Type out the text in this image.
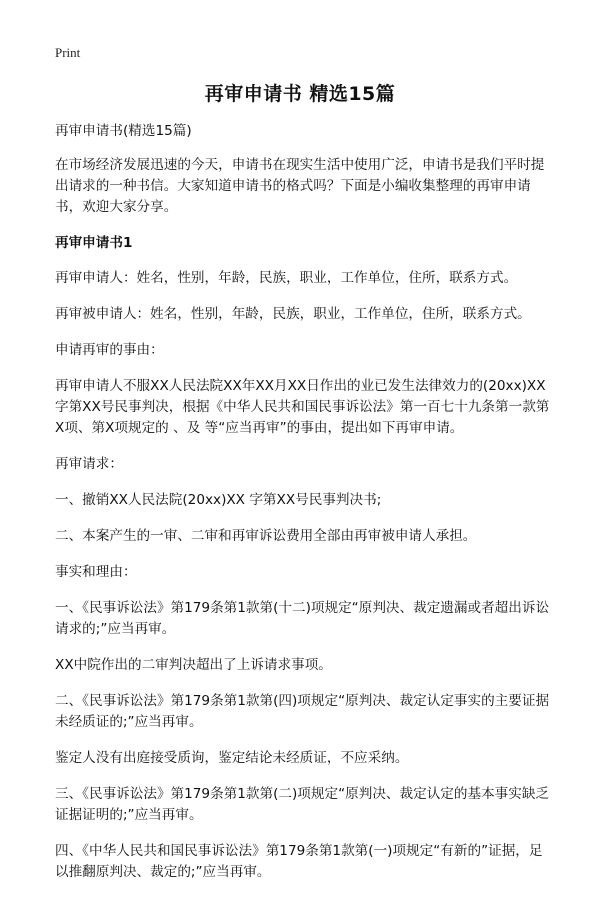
Print
再审申请书 精选15篇

再审申请书(精选15篇)

在市场经济发展迅速的今天，申请书在现实生活中使用广泛，申请书是我们平时提出请求的一种书信。大家知道申请书的格式吗？下面是小编收集整理的再审申请书，欢迎大家分享。

再审申请书1

再审申请人：姓名，性别，年龄，民族，职业，工作单位，住所，联系方式。

再审被申请人：姓名，性别，年龄，民族，职业，工作单位，住所，联系方式。

申请再审的事由：

再审申请人不服XX人民法院XX年XX月XX日作出的业已发生法律效力的(20xx)XX字第XX号民事判决，根据《中华人民共和国民事诉讼法》第一百七十九条第一款第X项、第X项规定的 、及 等“应当再审”的事由，提出如下再审申请。

再审请求：

一、撤销XX人民法院(20xx)XX 字第XX号民事判决书;

二、本案产生的一审、二审和再审诉讼费用全部由再审被申请人承担。

事实和理由：

一、《民事诉讼法》第179条第1款第(十二)项规定“原判决、裁定遗漏或者超出诉讼请求的;”应当再审。

XX中院作出的二审判决超出了上诉请求事项。

二、《民事诉讼法》第179条第1款第(四)项规定“原判决、裁定认定事实的主要证据未经质证的;”应当再审。

鉴定人没有出庭接受质询，鉴定结论未经质证，不应采纳。

三、《民事诉讼法》第179条第1款第(二)项规定“原判决、裁定认定的基本事实缺乏证据证明的;”应当再审。

四、《中华人民共和国民事诉讼法》第179条第1款第(一)项规定“有新的”证据，足以推翻原判决、裁定的;”应当再审。
